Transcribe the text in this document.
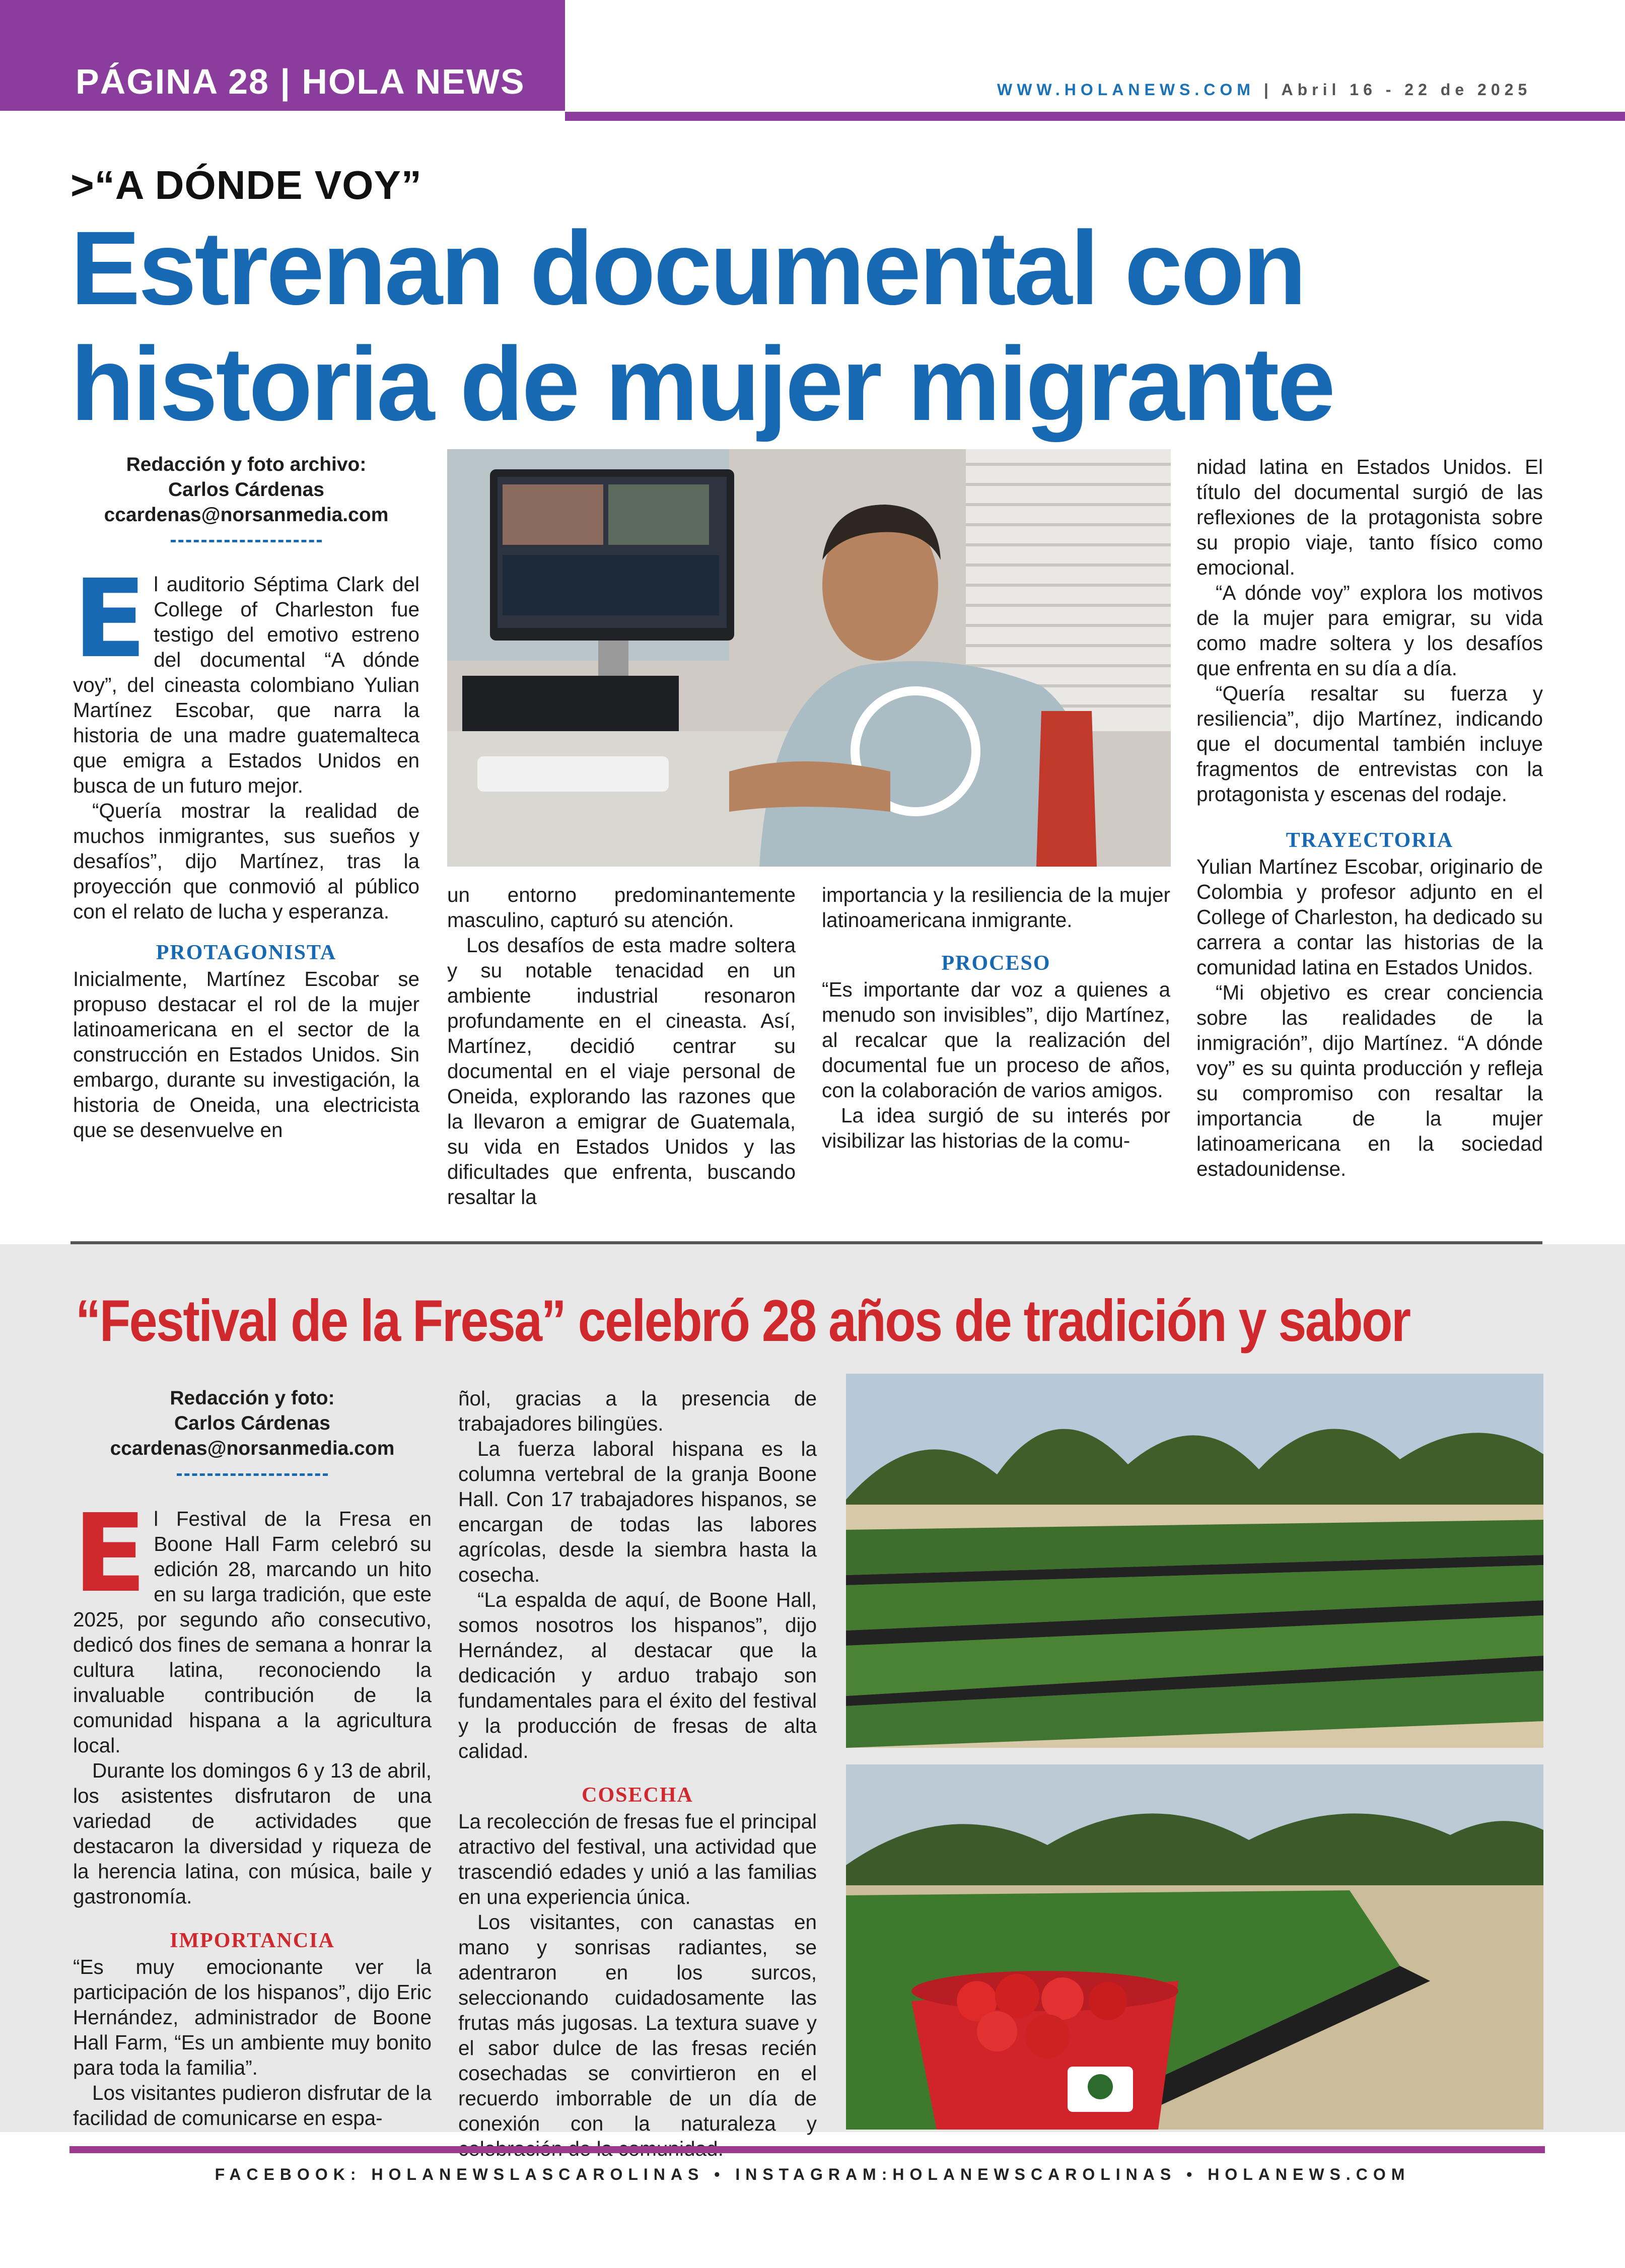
PÁGINA 28 | HOLA NEWS	WWW.HOLANEWS.COM | Abril 16 - 22 de 2025
>“A DÓNDE VOY”
Estrenan documental con historia de mujer migrante
Redacción y foto archivo:
Carlos Cárdenas
ccardenas@norsanmedia.com

El auditorio Séptima Clark del College of Charleston fue testigo del emotivo estreno del documental “A dónde voy”, del cineasta colombiano Yulian Martínez Escobar, que narra la historia de una madre guatemalteca que emigra a Estados Unidos en busca de un futuro mejor.

“Quería mostrar la realidad de muchos inmigrantes, sus sueños y desafíos”, dijo Martínez, tras la proyección que conmovió al público con el relato de lucha y esperanza.

PROTAGONISTA

Inicialmente, Martínez Escobar se propuso destacar el rol de la mujer latinoamericana en el sector de la construcción en Estados Unidos. Sin embargo, durante su investigación, la historia de Oneida, una electricista que se desenvuelve en

un entorno predominantemente masculino, capturó su atención.

Los desafíos de esta madre soltera y su notable tenacidad en un ambiente industrial resonaron profundamente en el cineasta. Así, Martínez, decidió centrar su documental en el viaje personal de Oneida, explorando las razones que la llevaron a emigrar de Guatemala, su vida en Estados Unidos y las dificultades que enfrenta, buscando resaltar la

importancia y la resiliencia de la mujer latinoamericana inmigrante.

PROCESO

“Es importante dar voz a quienes a menudo son invisibles”, dijo Martínez, al recalcar que la realización del documental fue un proceso de años, con la colaboración de varios amigos.

La idea surgió de su interés por visibilizar las historias de la comu-

nidad latina en Estados Unidos. El título del documental surgió de las reflexiones de la protagonista sobre su propio viaje, tanto físico como emocional.

“A dónde voy” explora los motivos de la mujer para emigrar, su vida como madre soltera y los desafíos que enfrenta en su día a día.

“Quería resaltar su fuerza y resiliencia”, dijo Martínez, indicando que el documental también incluye fragmentos de entrevistas con la protagonista y escenas del rodaje.

TRAYECTORIA

Yulian Martínez Escobar, originario de Colombia y profesor adjunto en el College of Charleston, ha dedicado su carrera a contar las historias de la comunidad latina en Estados Unidos.

“Mi objetivo es crear conciencia sobre las realidades de la inmigración”, dijo Martínez. “A dónde voy” es su quinta producción y refleja su compromiso con resaltar la importancia de la mujer latinoamericana en la sociedad estadounidense.

“Festival de la Fresa” celebró 28 años de tradición y sabor
Redacción y foto:
Carlos Cárdenas
ccardenas@norsanmedia.com

El Festival de la Fresa en Boone Hall Farm celebró su edición 28, marcando un hito en su larga tradición, que este 2025, por segundo año consecutivo, dedicó dos fines de semana a honrar la cultura latina, reconociendo la invaluable contribución de la comunidad hispana a la agricultura local.

Durante los domingos 6 y 13 de abril, los asistentes disfrutaron de una variedad de actividades que destacaron la diversidad y riqueza de la herencia latina, con música, baile y gastronomía.

IMPORTANCIA

“Es muy emocionante ver la participación de los hispanos”, dijo Eric Hernández, administrador de Boone Hall Farm, “Es un ambiente muy bonito para toda la familia”.

Los visitantes pudieron disfrutar de la facilidad de comunicarse en espa-

ñol, gracias a la presencia de trabajadores bilingües.

La fuerza laboral hispana es la columna vertebral de la granja Boone Hall. Con 17 trabajadores hispanos, se encargan de todas las labores agrícolas, desde la siembra hasta la cosecha.

“La espalda de aquí, de Boone Hall, somos nosotros los hispanos”, dijo Hernández, al destacar que la dedicación y arduo trabajo son fundamentales para el éxito del festival y la producción de fresas de alta calidad.

COSECHA

La recolección de fresas fue el principal atractivo del festival, una actividad que trascendió edades y unió a las familias en una experiencia única.

Los visitantes, con canastas en mano y sonrisas radiantes, se adentraron en los surcos, seleccionando cuidadosamente las frutas más jugosas. La textura suave y el sabor dulce de las fresas recién cosechadas se convirtieron en el recuerdo imborrable de un día de conexión con la naturaleza y

FACEBOOK: HOLANEWSLASCAROLINAS • INSTAGRAM:HOLANEWSCAROLINAS • HOLANEWS.COM
